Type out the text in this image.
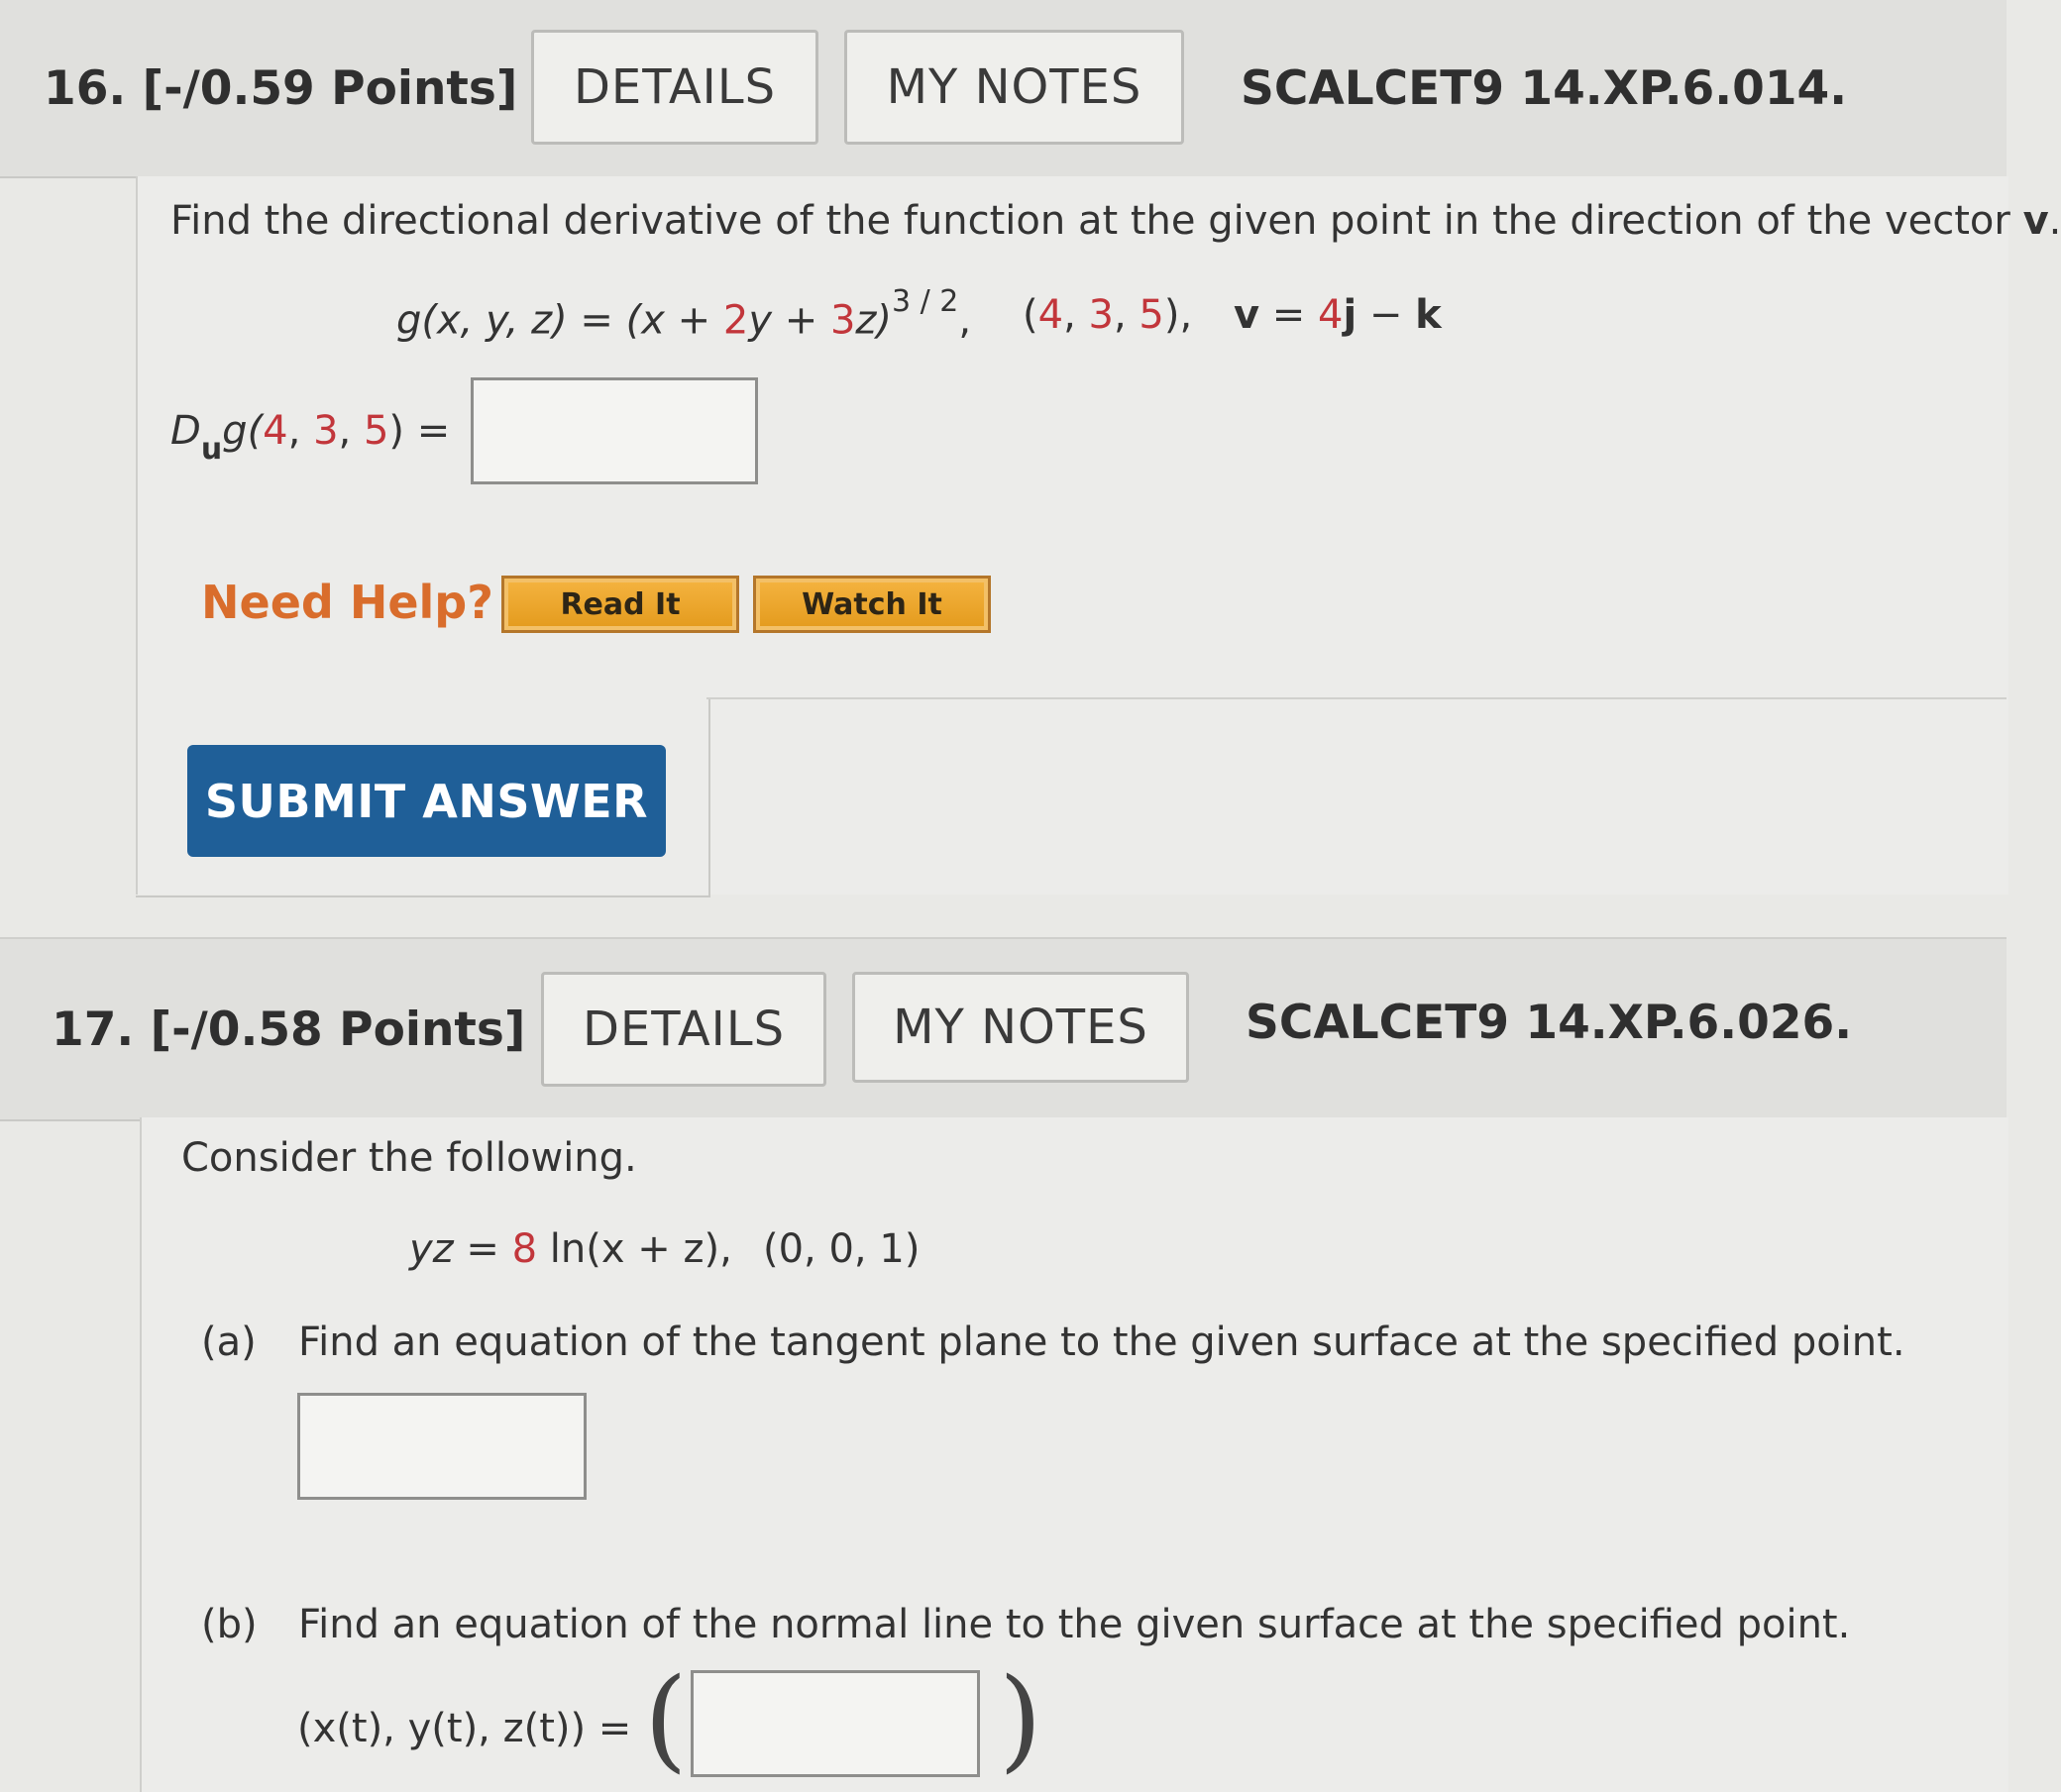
16. [-/0.59 Points]	DETAILS	MY NOTES	SCALCET9 14.XP.6.014.
Find the directional derivative of the function at the given point in the direction of the vector v.
g(x, y, $z) = (x + 2y + 3z)^{3 / 2}$, (4, 3, 5), v = 4j − k
$D_ug(4$, 3, 5) =
Need Help?	Read It	Watch It
SUBMIT ANSWER
17. [-/0.58 Points]	DETAILS	MY NOTES	SCALCET9 14.XP.6.026.
Consider the following.
yz = 8 ln(x + z), (0, 0, 1)
(a) Find an equation of the tangent plane to the given surface at the specified point.
(b) Find an equation of the normal line to the given surface at the specified point.
(x(t), y(t), z(t)) = (	)
